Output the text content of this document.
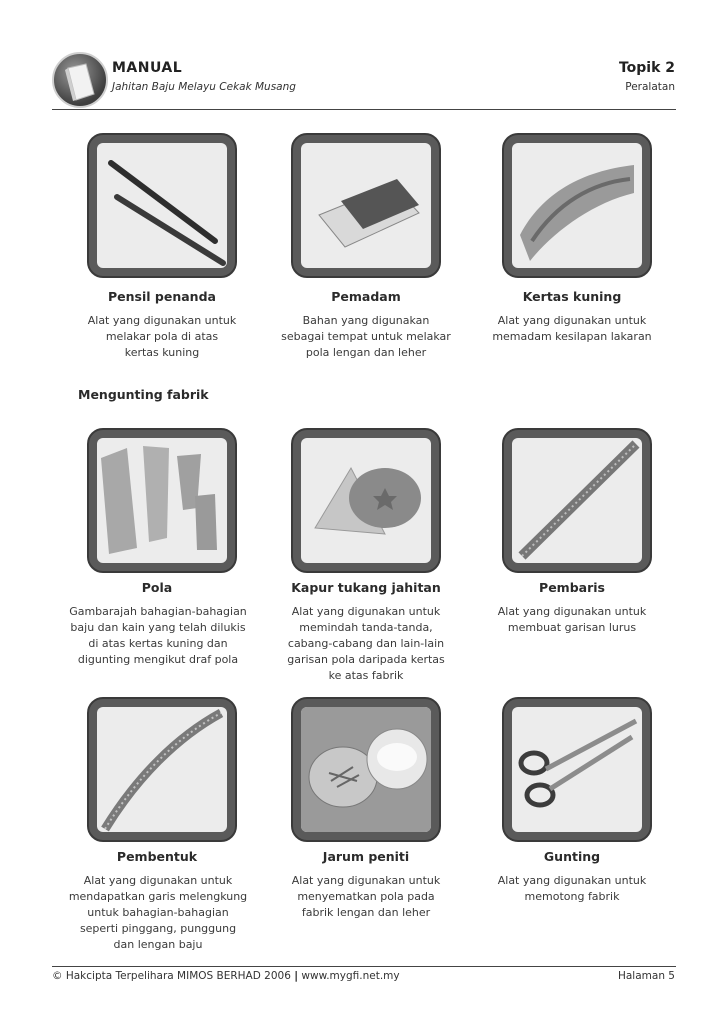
MANUAL
Jahitan Baju Melayu Cekak Musang
Topik 2
Peralatan
Pensil penanda
Alat yang digunakan untuk
melakar pola di atas
kertas kuning
Pemadam
Bahan yang digunakan
sebagai tempat untuk melakar
pola lengan dan leher
Kertas kuning
Alat yang digunakan untuk
memadam kesilapan lakaran
Mengunting fabrik
Pola
Gambarajah bahagian-bahagian
baju dan kain yang telah dilukis
di atas kertas kuning dan
digunting mengikut draf pola
Kapur tukang jahitan
Alat yang digunakan untuk
memindah tanda-tanda,
cabang-cabang dan lain-lain
garisan pola daripada kertas
ke atas fabrik
Pembaris
Alat yang digunakan untuk
membuat garisan lurus
Pembentuk
Alat yang digunakan untuk
mendapatkan garis melengkung
untuk bahagian-bahagian
seperti pinggang, punggung
dan lengan baju
Jarum peniti
Alat yang digunakan untuk
menyematkan pola pada
fabrik lengan dan leher
Gunting
Alat yang digunakan untuk
memotong fabrik
© Hakcipta Terpelihara MIMOS BERHAD 2006 | www.mygfi.net.my	Halaman 5
